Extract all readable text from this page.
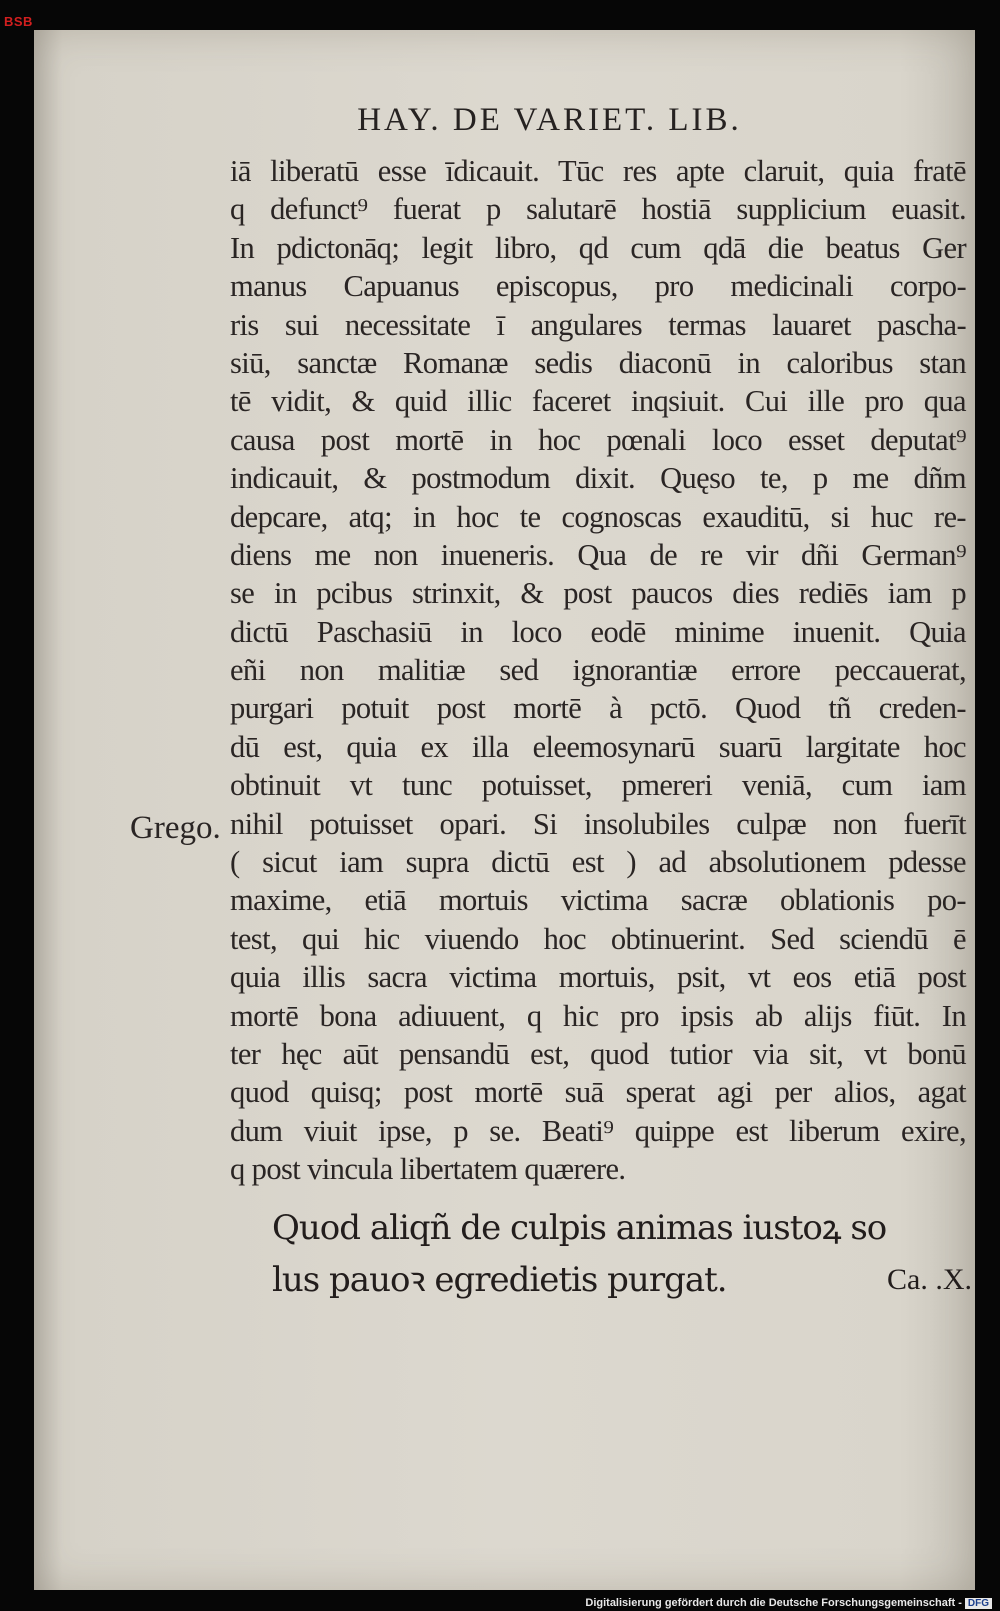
BSB
HAY. DE VARIET. LIB.
iā liberatū esse īdicauit. Tūc res apte claruit, quia fratē
q defunct⁹ fuerat p salutarē hostiā supplicium euasit.
In pdictonāq; legit libro, qd cum qdā die beatus Ger
manus Capuanus episcopus, pro medicinali corpo-
ris sui necessitate ī angulares termas lauaret pascha-
siū, sanctæ Romanæ sedis diaconū in caloribus stan
tē vidit, & quid illic faceret inqsiuit. Cui ille pro qua
causa post mortē in hoc pœnali loco esset deputat⁹
indicauit, & postmodum dixit. Quęso te, p me dñm
depcare, atq; in hoc te cognoscas exauditū, si huc re-
diens me non inueneris. Qua de re vir dñi German⁹
se in pcibus strinxit, & post paucos dies rediēs iam p
dictū Paschasiū in loco eodē minime inuenit. Quia
eñi non malitiæ sed ignorantiæ errore peccauerat,
purgari potuit post mortē à pctō. Quod tñ creden-
dū est, quia ex illa eleemosynarū suarū largitate hoc
obtinuit vt tunc potuisset, pmereri veniā, cum iam
nihil potuisset opari. Si insolubiles culpæ non fuerīt
( sicut iam supra dictū est ) ad absolutionem pdesse
maxime, etiā mortuis victima sacræ oblationis po-
test, qui hic viuendo hoc obtinuerint. Sed sciendū ē
quia illis sacra victima mortuis, psit, vt eos etiā post
mortē bona adiuuent, q hic pro ipsis ab alijs fiūt. In
ter hęc aūt pensandū est, quod tutior via sit, vt bonū
quod quisq; post mortē suā sperat agi per alios, agat
dum viuit ipse, p se. Beati⁹ quippe est liberum exire,
q post vincula libertatem quærere.
Grego.
Quod aliqñ de culpis animas iustoꝝ so
lus pauoꝛ egredietis purgat.	Ca. .X.
Digitalisierung gefördert durch die Deutsche Forschungsgemeinschaft - DFG
